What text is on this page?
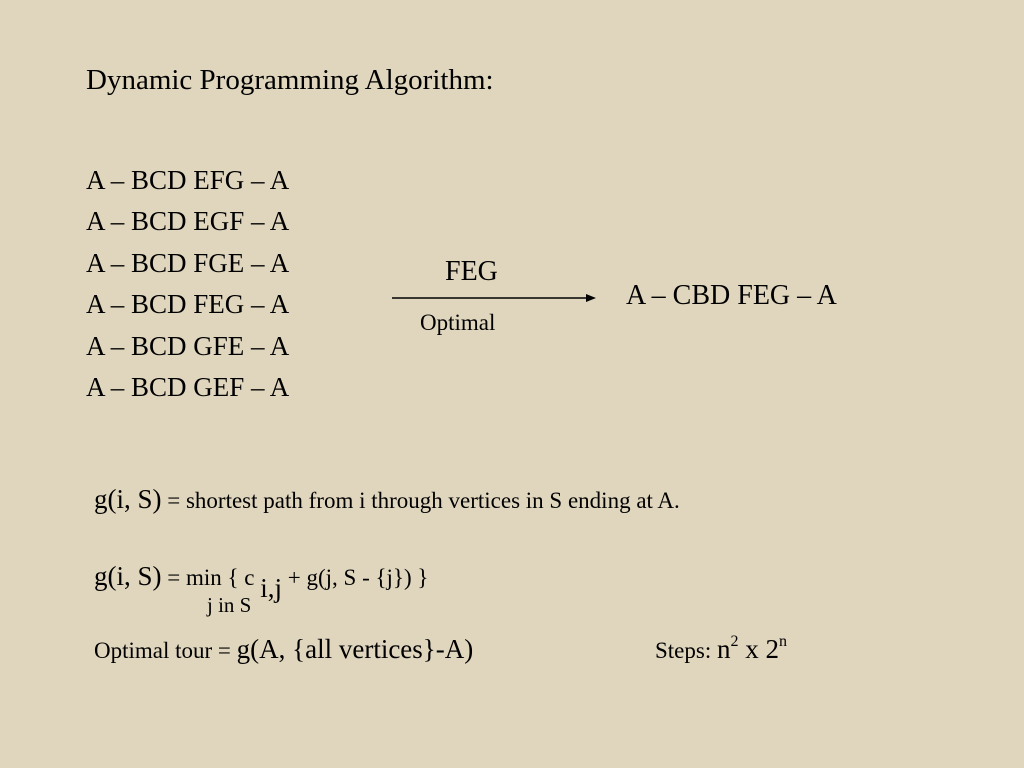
Dynamic Programming Algorithm:
A – BCD EFG – A
A – BCD EGF – A
A – BCD FGE – A
A – BCD FEG – A
A – BCD GFE – A
A – BCD GEF – A
FEG
Optimal
A – CBD FEG – A
g(i, S) = shortest path from i through vertices in S ending at A.
g(i, S) = min { c i,j + g(j, S - {j}) }
j in S
Optimal tour = g(A, {all vertices}-A)	Steps: $n^2$ x 2$^n$
